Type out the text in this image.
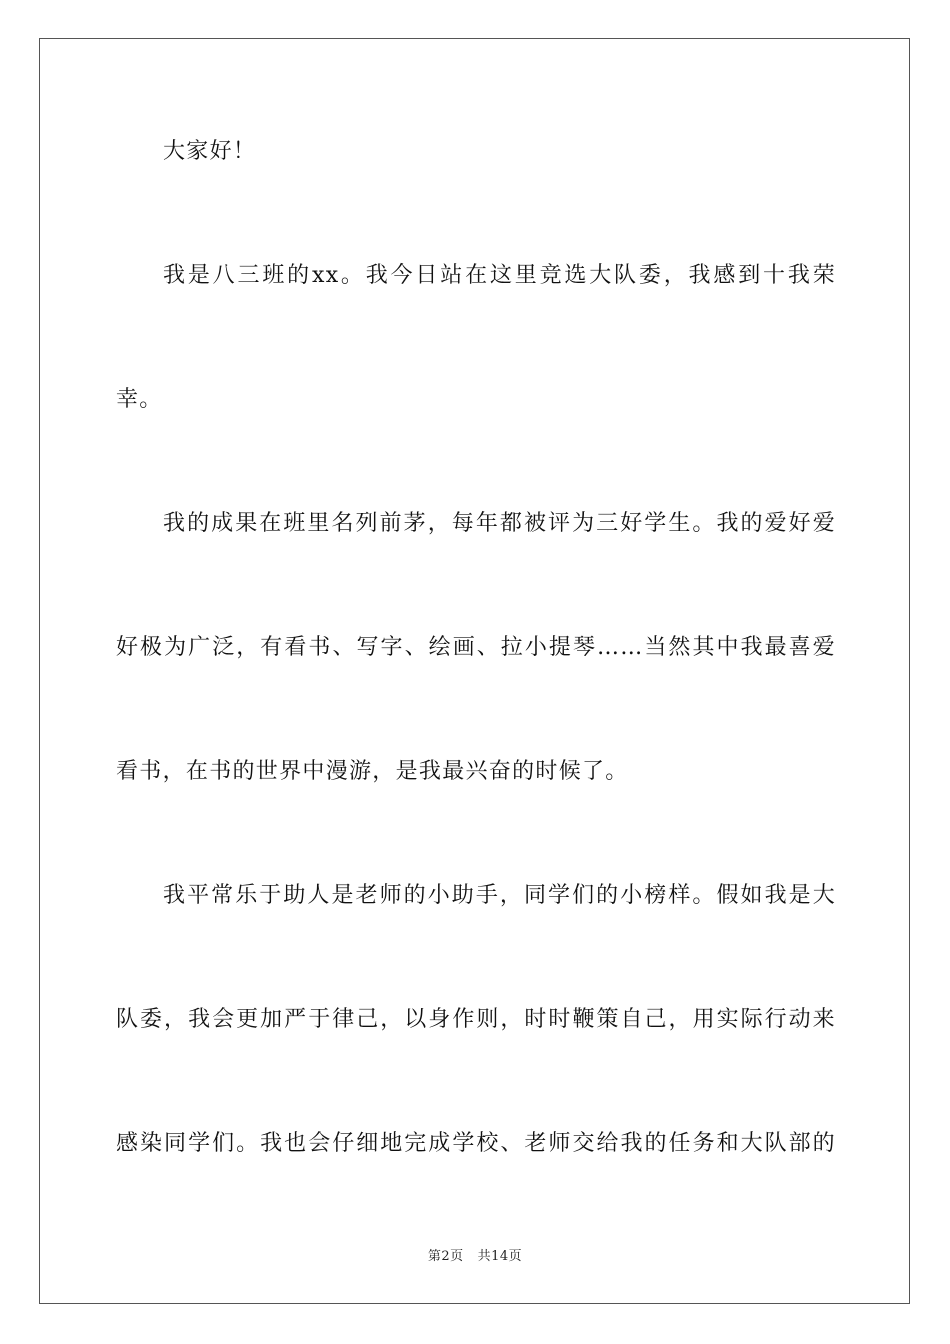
大家好！
我是八三班的xx。我今日站在这里竞选大队委，我感到十我荣
幸。
我的成果在班里名列前茅，每年都被评为三好学生。我的爱好爱
好极为广泛，有看书、写字、绘画、拉小提琴……当然其中我最喜爱
看书，在书的世界中漫游，是我最兴奋的时候了。
我平常乐于助人是老师的小助手，同学们的小榜样。假如我是大
队委，我会更加严于律己，以身作则，时时鞭策自己，用实际行动来
感染同学们。我也会仔细地完成学校、老师交给我的任务和大队部的
第2页 共14页
